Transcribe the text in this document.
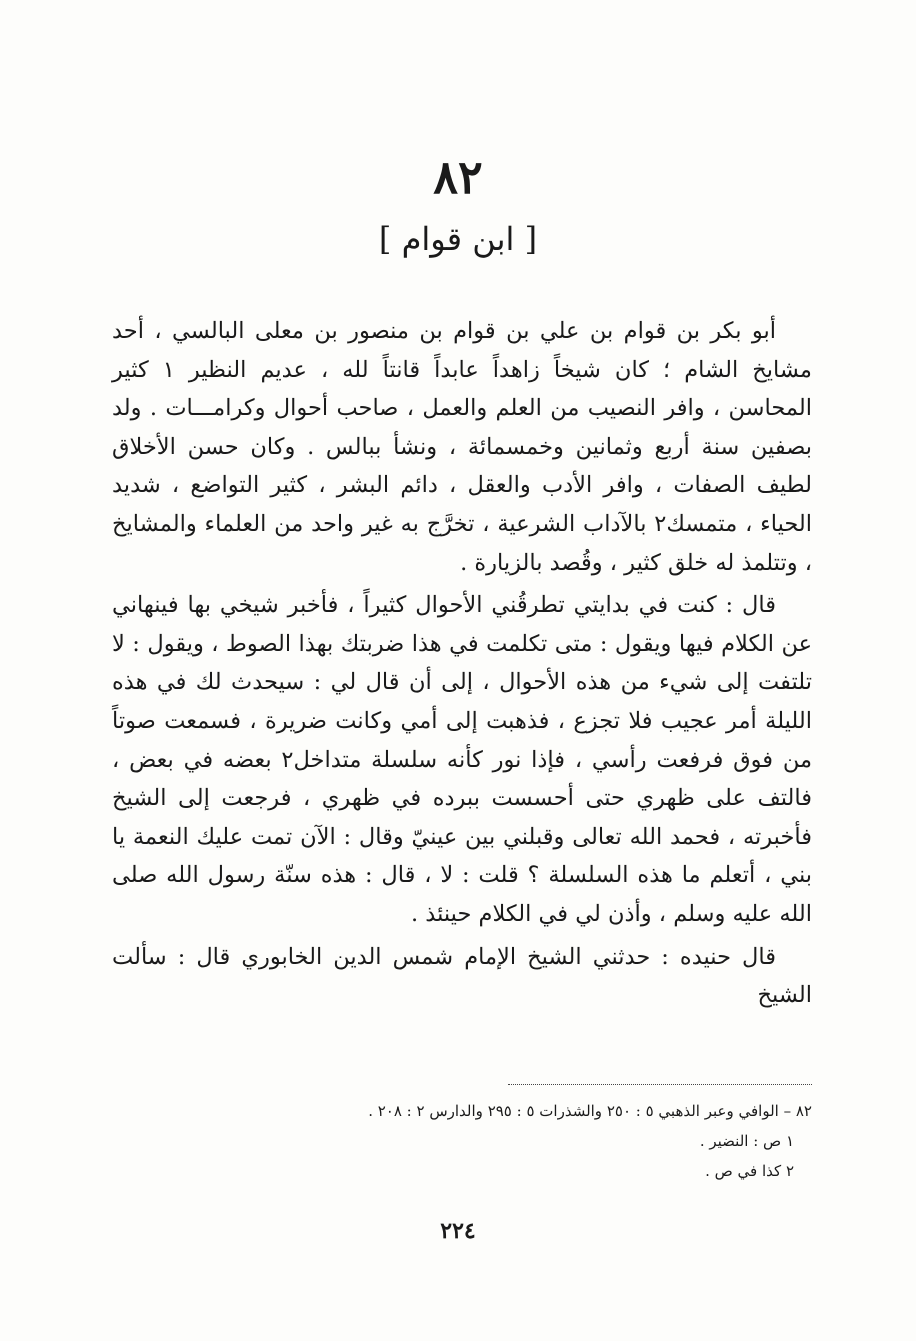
٨٢
[ ابن قوام ]

أبو بكر بن قوام بن علي بن قوام بن منصور بن معلى البالسي ، أحد مشايخ الشام ؛ كان شيخاً زاهداً عابداً قانتاً لله ، عديم النظير ١ كثير المحاسن ، وافر النصيب من العلم والعمل ، صاحب أحوال وكرامـــات . ولد بصفين سنة أربع وثمانين وخمسمائة ، ونشأ ببالس . وكان حسن الأخلاق لطيف الصفات ، وافر الأدب والعقل ، دائم البشر ، كثير التواضع ، شديد الحياء ، متمسك٢ بالآداب الشرعية ، تخرَّج به غير واحد من العلماء والمشايخ ، وتتلمذ له خلق كثير ، وقُصد بالزيارة .

قال : كنت في بدايتي تطرقُني الأحوال كثيراً ، فأخبر شيخي بها فينهاني عن الكلام فيها ويقول : متى تكلمت في هذا ضربتك بهذا الصوط ، ويقول : لا تلتفت إلى شيء من هذه الأحوال ، إلى أن قال لي : سيحدث لك في هذه الليلة أمر عجيب فلا تجزع ، فذهبت إلى أمي وكانت ضريرة ، فسمعت صوتاً من فوق فرفعت رأسي ، فإذا نور كأنه سلسلة متداخل٢ بعضه في بعض ، فالتف على ظهري حتى أحسست ببرده في ظهري ، فرجعت إلى الشيخ فأخبرته ، فحمد الله تعالى وقبلني بين عينيّ وقال : الآن تمت عليك النعمة يا بني ، أتعلم ما هذه السلسلة ؟ قلت : لا ، قال : هذه سنّة رسول الله صلى الله عليه وسلم ، وأذن لي في الكلام حينئذ .

قال حنيده : حدثني الشيخ الإمام شمس الدين الخابوري قال : سألت الشيخ

٨٢ – الوافي وعبر الذهبي ٥ : ٢٥٠ والشذرات ٥ : ٢٩٥ والدارس ٢ : ٢٠٨ .
١ ص : النضير .
٢ كذا في ص .
٢٢٤
